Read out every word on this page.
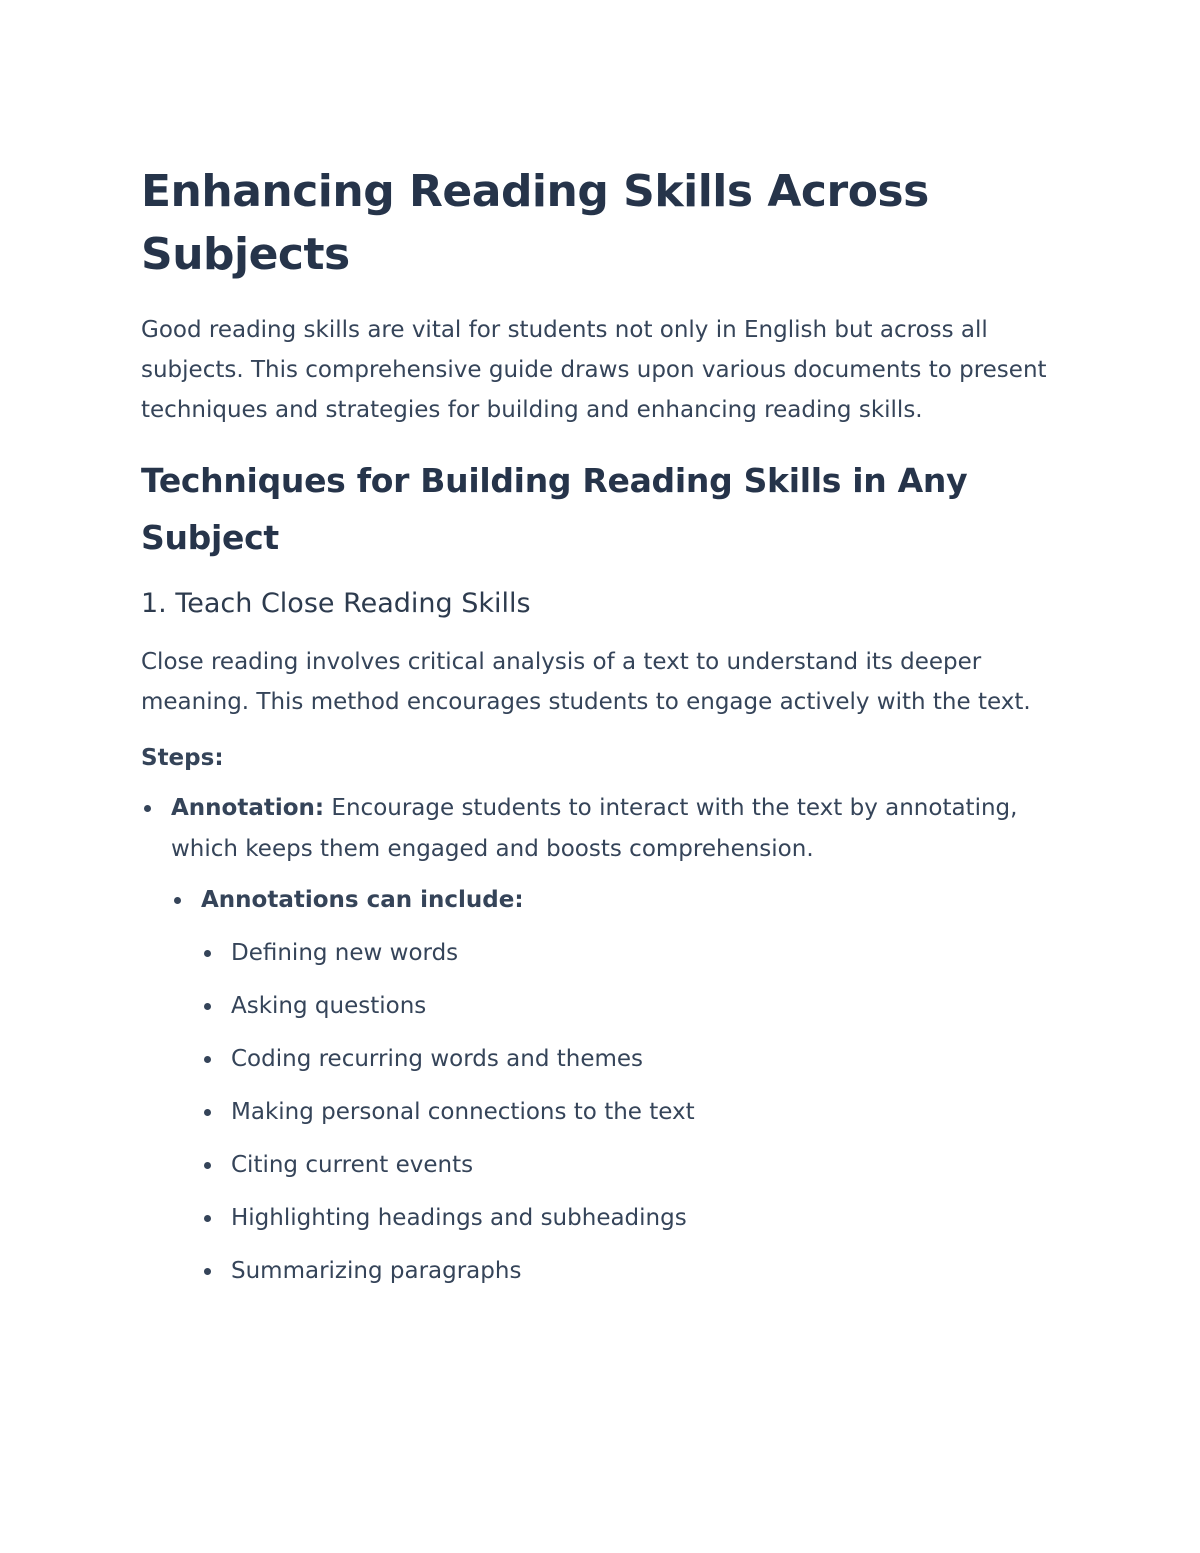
Enhancing Reading Skills Across Subjects

Good reading skills are vital for students not only in English but across all subjects. This comprehensive guide draws upon various documents to present techniques and strategies for building and enhancing reading skills.

Techniques for Building Reading Skills in Any Subject
1. Teach Close Reading Skills

Close reading involves critical analysis of a text to understand its deeper meaning. This method encourages students to engage actively with the text.

Steps:

Annotation: Encourage students to interact with the text by annotating, which keeps them engaged and boosts comprehension.
Annotations can include:
Defining new words
Asking questions
Coding recurring words and themes
Making personal connections to the text
Citing current events
Highlighting headings and subheadings
Summarizing paragraphs
